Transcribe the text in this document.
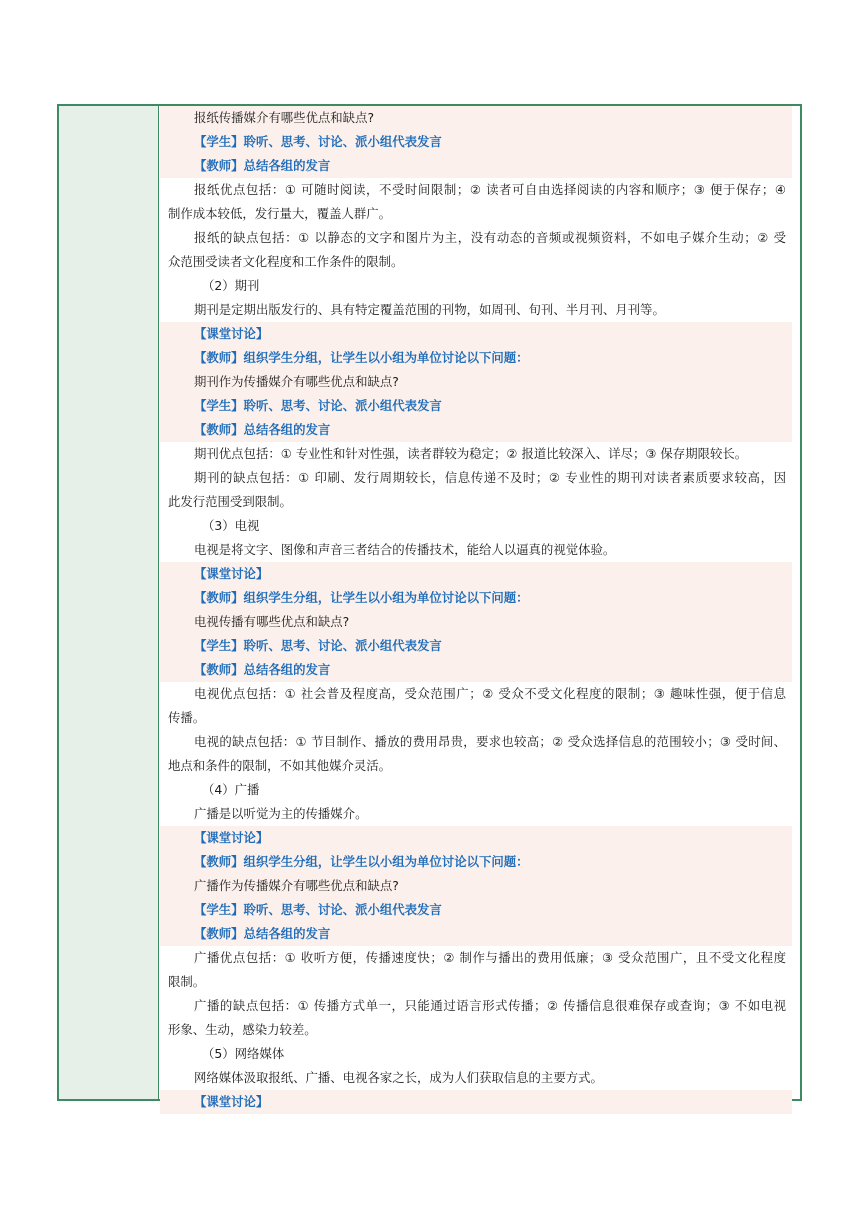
报纸传播媒介有哪些优点和缺点?
【学生】聆听、思考、讨论、派小组代表发言
【教师】总结各组的发言
报纸优点包括：① 可随时阅读，不受时间限制；② 读者可自由选择阅读的内容和顺序；③ 便于保存；④
制作成本较低，发行量大，覆盖人群广。
报纸的缺点包括：① 以静态的文字和图片为主，没有动态的音频或视频资料，不如电子媒介生动；② 受
众范围受读者文化程度和工作条件的限制。
（2）期刊
期刊是定期出版发行的、具有特定覆盖范围的刊物，如周刊、旬刊、半月刊、月刊等。
【课堂讨论】
【教师】组织学生分组，让学生以小组为单位讨论以下问题：
期刊作为传播媒介有哪些优点和缺点?
【学生】聆听、思考、讨论、派小组代表发言
【教师】总结各组的发言
期刊优点包括：① 专业性和针对性强，读者群较为稳定；② 报道比较深入、详尽；③ 保存期限较长。
期刊的缺点包括：① 印刷、发行周期较长，信息传递不及时；② 专业性的期刊对读者素质要求较高，因
此发行范围受到限制。
（3）电视
电视是将文字、图像和声音三者结合的传播技术，能给人以逼真的视觉体验。
【课堂讨论】
【教师】组织学生分组，让学生以小组为单位讨论以下问题：
电视传播有哪些优点和缺点?
【学生】聆听、思考、讨论、派小组代表发言
【教师】总结各组的发言
电视优点包括：① 社会普及程度高，受众范围广；② 受众不受文化程度的限制；③ 趣味性强，便于信息
传播。
电视的缺点包括：① 节目制作、播放的费用昂贵，要求也较高；② 受众选择信息的范围较小；③ 受时间、
地点和条件的限制，不如其他媒介灵活。
（4）广播
广播是以听觉为主的传播媒介。
【课堂讨论】
【教师】组织学生分组，让学生以小组为单位讨论以下问题：
广播作为传播媒介有哪些优点和缺点?
【学生】聆听、思考、讨论、派小组代表发言
【教师】总结各组的发言
广播优点包括：① 收听方便，传播速度快；② 制作与播出的费用低廉；③ 受众范围广，且不受文化程度
限制。
广播的缺点包括：① 传播方式单一，只能通过语言形式传播；② 传播信息很难保存或查询；③ 不如电视
形象、生动，感染力较差。
（5）网络媒体
网络媒体汲取报纸、广播、电视各家之长，成为人们获取信息的主要方式。
【课堂讨论】
